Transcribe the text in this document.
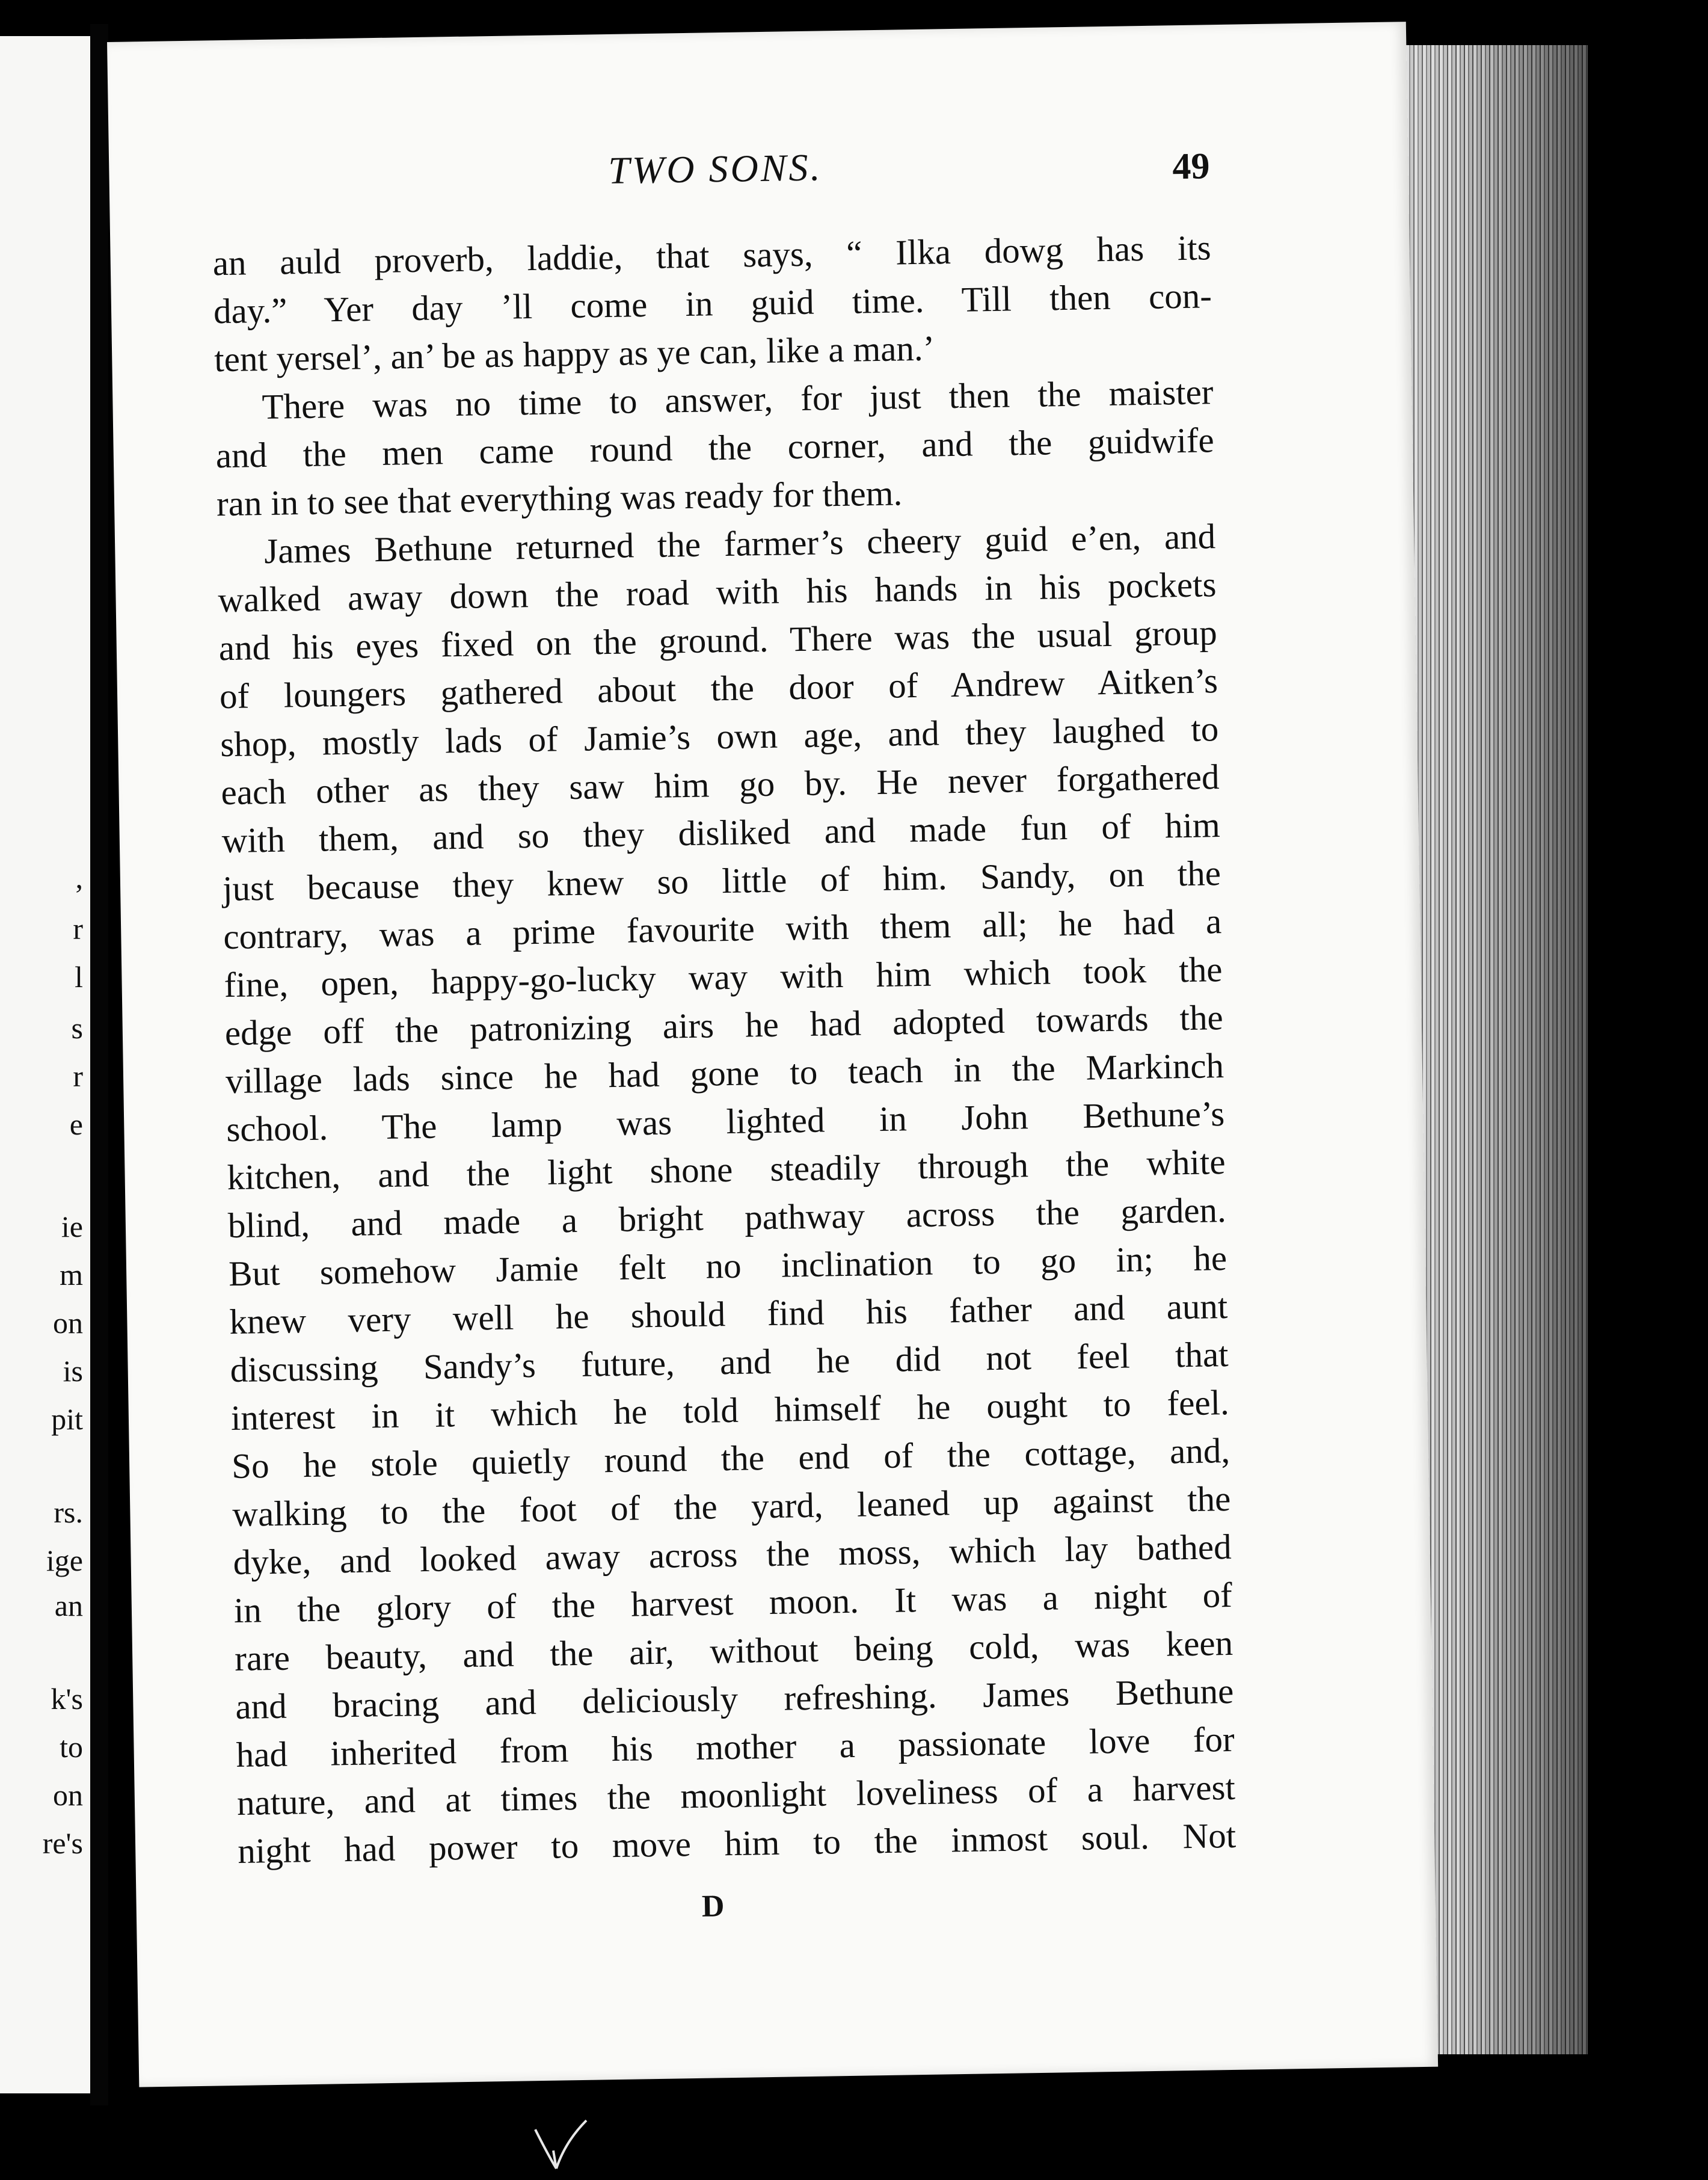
,
r
l
s
r
e
ie
m
on
is
pit
rs.
ige
an
k's
to
on
re's
TWO SONS.	49
an auld proverb, laddie, that says, “ Ilka dowg has its
day.” Yer day ’ll come in guid time. Till then con-
tent yersel’, an’ be as happy as ye can, like a man.’
There was no time to answer, for just then the maister
and the men came round the corner, and the guidwife
ran in to see that everything was ready for them.
James Bethune returned the farmer’s cheery guid e’en, and
walked away down the road with his hands in his pockets
and his eyes fixed on the ground. There was the usual group
of loungers gathered about the door of Andrew Aitken’s
shop, mostly lads of Jamie’s own age, and they laughed to
each other as they saw him go by. He never forgathered
with them, and so they disliked and made fun of him
just because they knew so little of him. Sandy, on the
contrary, was a prime favourite with them all; he had a
fine, open, happy-go-lucky way with him which took the
edge off the patronizing airs he had adopted towards the
village lads since he had gone to teach in the Markinch
school. The lamp was lighted in John Bethune’s
kitchen, and the light shone steadily through the white
blind, and made a bright pathway across the garden.
But somehow Jamie felt no inclination to go in; he
knew very well he should find his father and aunt
discussing Sandy’s future, and he did not feel that
interest in it which he told himself he ought to feel.
So he stole quietly round the end of the cottage, and,
walking to the foot of the yard, leaned up against the
dyke, and looked away across the moss, which lay bathed
in the glory of the harvest moon. It was a night of
rare beauty, and the air, without being cold, was keen
and bracing and deliciously refreshing. James Bethune
had inherited from his mother a passionate love for
nature, and at times the moonlight loveliness of a harvest
night had power to move him to the inmost soul. Not
D
